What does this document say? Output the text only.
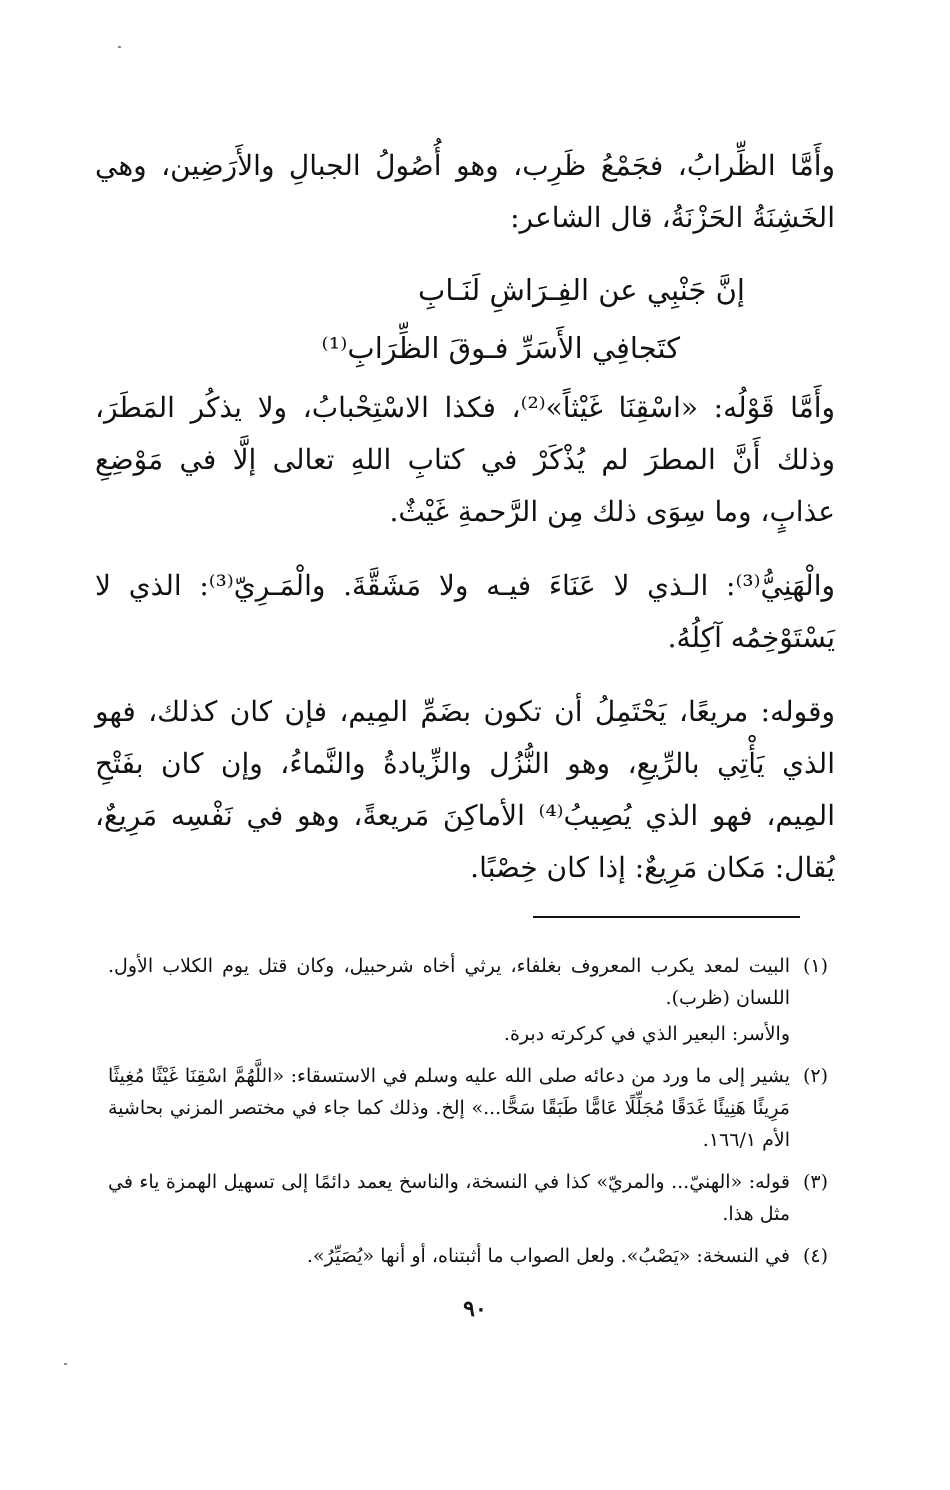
وأَمَّا الظِّرابُ، فجَمْعُ ظَرِب، وهو أُصُولُ الجبالِ والأَرَضِين، وهي الخَشِنَةُ الحَزْنَةُ، قال الشاعر:

إنَّ جَنْبِي عن الفِـرَاشِ لَنَـابِ
كتَجافِي الأَسَرِّ فـوقَ الظِّرَابِ⁽¹⁾

وأَمَّا قَوْلُه: «اسْقِنَا غَيْثاً»⁽²⁾، فكذا الاسْتِحْبابُ، ولا يذكُر المَطَرَ، وذلك أَنَّ المطرَ لم يُذْكَرْ في كتابِ اللهِ تعالى إلَّا في مَوْضِعِ عذابٍ، وما سِوَى ذلك مِن الرَّحمةِ غَيْثٌ.

والْهَنِيُّ⁽³⁾: الـذي لا عَنَاءَ فيـه ولا مَشَقَّةَ. والْمَـرِيّ⁽³⁾: الذي لا يَسْتَوْخِمُه آكِلُهُ.

وقوله: مريعًا، يَحْتَمِلُ أن تكون بضَمِّ المِيم، فإن كان كذلك، فهو الذي يَأْتِي بالرِّيعِ، وهو النُّزُل والزِّيادةُ والنَّماءُ، وإن كان بفَتْحِ المِيم، فهو الذي يُصِيبُ⁽⁴⁾ الأماكِنَ مَريعةً، وهو في نَفْسِه مَرِيعٌ، يُقال: مَكان مَرِيعٌ: إذا كان خِصْبًا.

(١)
البيت لمعد يكرب المعروف بغلفاء، يرثي أخاه شرحبيل، وكان قتل يوم الكلاب الأول. اللسان (ظرب).
والأسر: البعير الذي في كركرته دبرة.
(٢)
يشير إلى ما ورد من دعائه صلى الله عليه وسلم في الاستسقاء: «اللَّهُمَّ اسْقِنَا غَيْثًا مُغِيثًا مَرِيئًا هَنِيئًا غَدَقًا مُجَلِّلًا عَامًّا طَبَقًا سَحًّا...» إلخ. وذلك كما جاء في مختصر المزني بحاشية الأم ١٦٦/١.
(٣)
قوله: «الهنيّ... والمريّ» كذا في النسخة، والناسخ يعمد دائمًا إلى تسهيل الهمزة ياء في مثل هذا.
(٤)
في النسخة: «يَصْبُ». ولعل الصواب ما أثبتناه، أو أنها «يُصَيِّرُ».
٩٠
